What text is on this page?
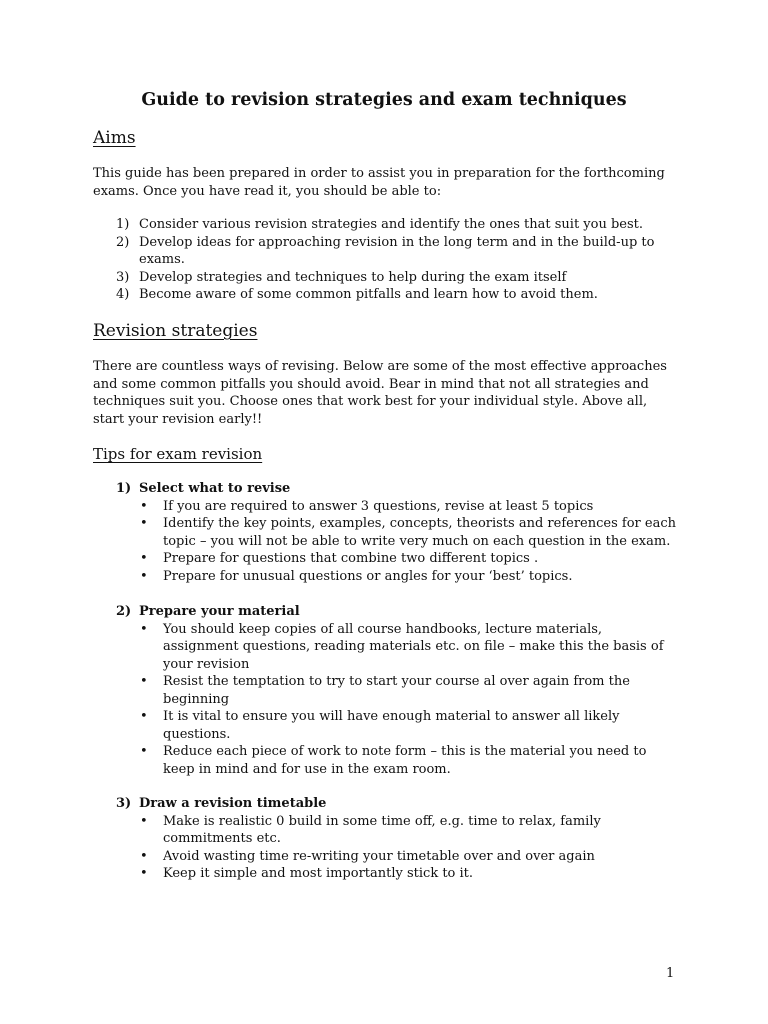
Guide to revision strategies and exam techniques
Aims
This guide has been prepared in order to assist you in preparation for the forthcoming
exams. Once you have read it, you should be able to:
1) Consider various revision strategies and identify the ones that suit you best.
2) Develop ideas for approaching revision in the long term and in the build-up to
exams.
3) Develop strategies and techniques to help during the exam itself
4) Become aware of some common pitfalls and learn how to avoid them.
Revision strategies
There are countless ways of revising. Below are some of the most effective approaches
and some common pitfalls you should avoid. Bear in mind that not all strategies and
techniques suit you. Choose ones that work best for your individual style. Above all,
start your revision early!!
Tips for exam revision
1) Select what to revise
• If you are required to answer 3 questions, revise at least 5 topics
• Identify the key points, examples, concepts, theorists and references for each
topic – you will not be able to write very much on each question in the exam.
• Prepare for questions that combine two different topics .
• Prepare for unusual questions or angles for your ‘best’ topics.
2) Prepare your material
• You should keep copies of all course handbooks, lecture materials,
assignment questions, reading materials etc. on file – make this the basis of
your revision
• Resist the temptation to try to start your course al over again from the
beginning
• It is vital to ensure you will have enough material to answer all likely
questions.
• Reduce each piece of work to note form – this is the material you need to
keep in mind and for use in the exam room.
3) Draw a revision timetable
• Make is realistic 0 build in some time off, e.g. time to relax, family
commitments etc.
• Avoid wasting time re-writing your timetable over and over again
• Keep it simple and most importantly stick to it.
1
